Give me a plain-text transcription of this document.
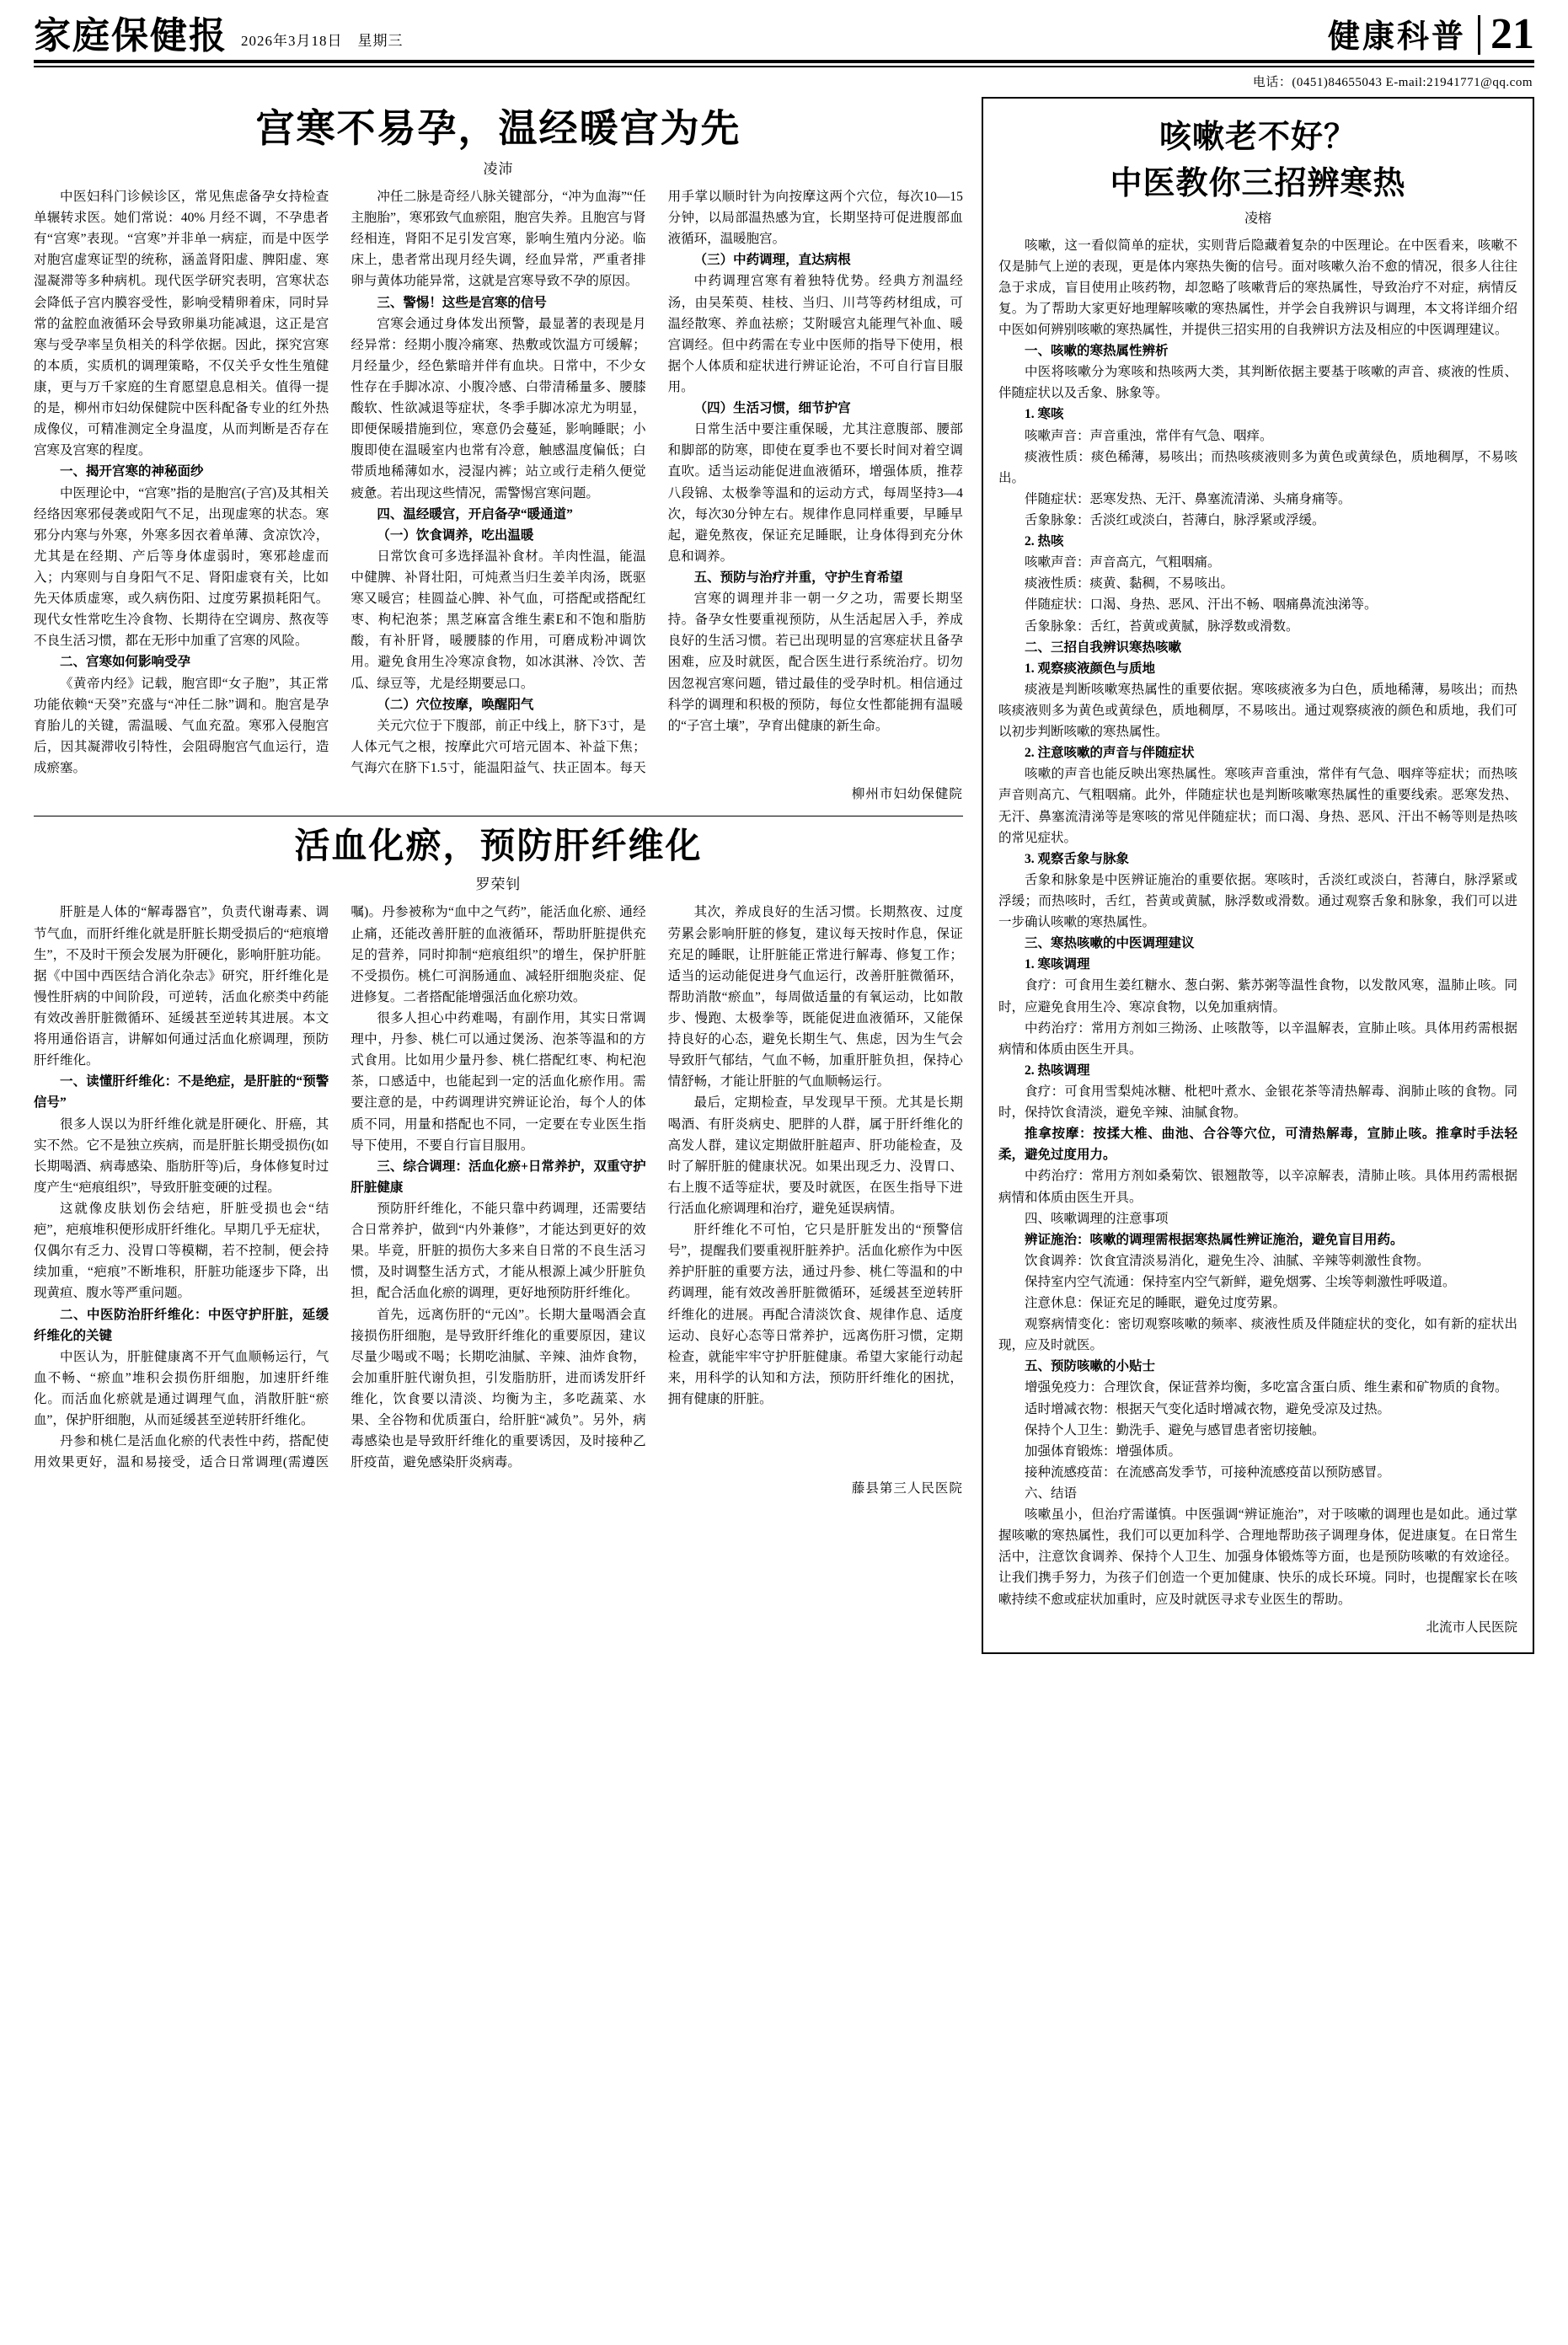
家庭保健报 2026年3月18日　星期三	健康科普 21
电话：(0451)84655043 E-mail:21941771@qq.com
宫寒不易孕，温经暖宫为先
凌沛

中医妇科门诊候诊区，常见焦虑备孕女持检查单辗转求医。她们常说：40% 月经不调，不孕患者有“宫寒”表现。“宫寒”并非单一病症，而是中医学对胞宫虚寒证型的统称，涵盖肾阳虚、脾阳虚、寒湿凝滞等多种病机。现代医学研究表明，宫寒状态会降低子宫内膜容受性，影响受精卵着床，同时异常的盆腔血液循环会导致卵巢功能减退，这正是宫寒与受孕率呈负相关的科学依据。因此，探究宫寒的本质，实质机的调理策略，不仅关乎女性生殖健康，更与万千家庭的生育愿望息息相关。值得一提的是，柳州市妇幼保健院中医科配备专业的红外热成像仪，可精准测定全身温度，从而判断是否存在宫寒及宫寒的程度。

一、揭开宫寒的神秘面纱

中医理论中，“宫寒”指的是胞宫(子宫)及其相关经络因寒邪侵袭或阳气不足，出现虚寒的状态。寒邪分内寒与外寒，外寒多因衣着单薄、贪凉饮冷，尤其是在经期、产后等身体虚弱时，寒邪趁虚而入；内寒则与自身阳气不足、肾阳虚衰有关，比如先天体质虚寒，或久病伤阳、过度劳累损耗阳气。现代女性常吃生冷食物、长期待在空调房、熬夜等不良生活习惯，都在无形中加重了宫寒的风险。

二、宫寒如何影响受孕

《黄帝内经》记载，胞宫即“女子胞”，其正常功能依赖“天癸”充盛与“冲任二脉”调和。胞宫是孕育胎儿的关键，需温暖、气血充盈。寒邪入侵胞宫后，因其凝滞收引特性，会阻碍胞宫气血运行，造成瘀塞。

冲任二脉是奇经八脉关键部分，“冲为血海”“任主胞胎”，寒邪致气血瘀阻，胞宫失养。且胞宫与肾经相连，肾阳不足引发宫寒，影响生殖内分泌。临床上，患者常出现月经失调，经血异常，严重者排卵与黄体功能异常，这就是宫寒导致不孕的原因。

三、警惕！这些是宫寒的信号

宫寒会通过身体发出预警，最显著的表现是月经异常：经期小腹冷痛寒、热敷或饮温方可缓解；月经量少，经色紫暗并伴有血块。日常中，不少女性存在手脚冰凉、小腹冷感、白带清稀量多、腰膝酸软、性欲减退等症状，冬季手脚冰凉尤为明显，即便保暖措施到位，寒意仍会蔓延，影响睡眠；小腹即使在温暖室内也常有冷意，触感温度偏低；白带质地稀薄如水，浸湿内裤；站立或行走稍久便觉疲惫。若出现这些情况，需警惕宫寒问题。

四、温经暖宫，开启备孕“暖通道”

（一）饮食调养，吃出温暖

日常饮食可多选择温补食材。羊肉性温，能温中健脾、补肾壮阳，可炖煮当归生姜羊肉汤，既驱寒又暖宫；桂圆益心脾、补气血，可搭配或搭配红枣、枸杞泡茶；黑芝麻富含维生素E和不饱和脂肪酸，有补肝肾，暖腰膝的作用，可磨成粉冲调饮用。避免食用生冷寒凉食物，如冰淇淋、冷饮、苦瓜、绿豆等，尤是经期要忌口。

（二）穴位按摩，唤醒阳气

关元穴位于下腹部，前正中线上，脐下3寸，是人体元气之根，按摩此穴可培元固本、补益下焦；气海穴在脐下1.5寸，能温阳益气、扶正固本。每天用手掌以顺时针为向按摩这两个穴位，每次10—15分钟，以局部温热感为宜，长期坚持可促进腹部血液循环，温暖胞宫。

（三）中药调理，直达病根

中药调理宫寒有着独特优势。经典方剂温经汤，由吴茱萸、桂枝、当归、川芎等药材组成，可温经散寒、养血祛瘀；艾附暖宫丸能理气补血、暖宫调经。但中药需在专业中医师的指导下使用，根据个人体质和症状进行辨证论治，不可自行盲目服用。

（四）生活习惯，细节护宫

日常生活中要注重保暖，尤其注意腹部、腰部和脚部的防寒，即使在夏季也不要长时间对着空调直吹。适当运动能促进血液循环，增强体质，推荐八段锦、太极拳等温和的运动方式，每周坚持3—4次，每次30分钟左右。规律作息同样重要，早睡早起，避免熬夜，保证充足睡眠，让身体得到充分休息和调养。

五、预防与治疗并重，守护生育希望

宫寒的调理并非一朝一夕之功，需要长期坚持。备孕女性要重视预防，从生活起居入手，养成良好的生活习惯。若已出现明显的宫寒症状且备孕困难，应及时就医，配合医生进行系统治疗。切勿因忽视宫寒问题，错过最佳的受孕时机。相信通过科学的调理和积极的预防，每位女性都能拥有温暖的“子宫土壤”，孕育出健康的新生命。

柳州市妇幼保健院
活血化瘀，预防肝纤维化
罗荣钊

肝脏是人体的“解毒器官”，负责代谢毒素、调节气血，而肝纤维化就是肝脏长期受损后的“疤痕增生”，不及时干预会发展为肝硬化，影响肝脏功能。据《中国中西医结合消化杂志》研究，肝纤维化是慢性肝病的中间阶段，可逆转，活血化瘀类中药能有效改善肝脏微循环、延缓甚至逆转其进展。本文将用通俗语言，讲解如何通过活血化瘀调理，预防肝纤维化。

一、读懂肝纤维化：不是绝症，是肝脏的“预警信号”

很多人误以为肝纤维化就是肝硬化、肝癌，其实不然。它不是独立疾病，而是肝脏长期受损伤(如长期喝酒、病毒感染、脂肪肝等)后，身体修复时过度产生“疤痕组织”，导致肝脏变硬的过程。

这就像皮肤划伤会结疤，肝脏受损也会“结疤”，疤痕堆积便形成肝纤维化。早期几乎无症状，仅偶尔有乏力、没胃口等模糊，若不控制，便会持续加重，“疤痕”不断堆积，肝脏功能逐步下降，出现黄疸、腹水等严重问题。

二、中医防治肝纤维化：中医守护肝脏，延缓纤维化的关键

中医认为，肝脏健康离不开气血顺畅运行，气血不畅、“瘀血”堆积会损伤肝细胞，加速肝纤维化。而活血化瘀就是通过调理气血，消散肝脏“瘀血”，保护肝细胞，从而延缓甚至逆转肝纤维化。

丹参和桃仁是活血化瘀的代表性中药，搭配使用效果更好，温和易接受，适合日常调理(需遵医嘱)。丹参被称为“血中之气药”，能活血化瘀、通经止痛，还能改善肝脏的血液循环，帮助肝脏提供充足的营养，同时抑制“疤痕组织”的增生，保护肝脏不受损伤。桃仁可润肠通血、减轻肝细胞炎症、促进修复。二者搭配能增强活血化瘀功效。

很多人担心中药难喝，有副作用，其实日常调理中，丹参、桃仁可以通过煲汤、泡茶等温和的方式食用。比如用少量丹参、桃仁搭配红枣、枸杞泡茶，口感适中，也能起到一定的活血化瘀作用。需要注意的是，中药调理讲究辨证论治，每个人的体质不同，用量和搭配也不同，一定要在专业医生指导下使用，不要自行盲目服用。

三、综合调理：活血化瘀+日常养护，双重守护肝脏健康

预防肝纤维化，不能只靠中药调理，还需要结合日常养护，做到“内外兼修”，才能达到更好的效果。毕竟，肝脏的损伤大多来自日常的不良生活习惯，及时调整生活方式，才能从根源上减少肝脏负担，配合活血化瘀的调理，更好地预防肝纤维化。

首先，远离伤肝的“元凶”。长期大量喝酒会直接损伤肝细胞，是导致肝纤维化的重要原因，建议尽量少喝或不喝；长期吃油腻、辛辣、油炸食物，会加重肝脏代谢负担，引发脂肪肝，进而诱发肝纤维化，饮食要以清淡、均衡为主，多吃蔬菜、水果、全谷物和优质蛋白，给肝脏“减负”。另外，病毒感染也是导致肝纤维化的重要诱因，及时接种乙肝疫苗，避免感染肝炎病毒。

其次，养成良好的生活习惯。长期熬夜、过度劳累会影响肝脏的修复，建议每天按时作息，保证充足的睡眠，让肝脏能正常进行解毒、修复工作；适当的运动能促进身气血运行，改善肝脏微循环，帮助消散“瘀血”，每周做适量的有氧运动，比如散步、慢跑、太极拳等，既能促进血液循环，又能保持良好的心态，避免长期生气、焦虑，因为生气会导致肝气郁结，气血不畅，加重肝脏负担，保持心情舒畅，才能让肝脏的气血顺畅运行。

最后，定期检查，早发现早干预。尤其是长期喝酒、有肝炎病史、肥胖的人群，属于肝纤维化的高发人群，建议定期做肝脏超声、肝功能检查，及时了解肝脏的健康状况。如果出现乏力、没胃口、右上腹不适等症状，要及时就医，在医生指导下进行活血化瘀调理和治疗，避免延误病情。

肝纤维化不可怕，它只是肝脏发出的“预警信号”，提醒我们要重视肝脏养护。活血化瘀作为中医养护肝脏的重要方法，通过丹参、桃仁等温和的中药调理，能有效改善肝脏微循环，延缓甚至逆转肝纤维化的进展。再配合清淡饮食、规律作息、适度运动、良好心态等日常养护，远离伤肝习惯，定期检查，就能牢牢守护肝脏健康。希望大家能行动起来，用科学的认知和方法，预防肝纤维化的困扰，拥有健康的肝脏。

藤县第三人民医院
咳嗽老不好？
中医教你三招辨寒热
凌榕

咳嗽，这一看似简单的症状，实则背后隐藏着复杂的中医理论。在中医看来，咳嗽不仅是肺气上逆的表现，更是体内寒热失衡的信号。面对咳嗽久治不愈的情况，很多人往往急于求成，盲目使用止咳药物，却忽略了咳嗽背后的寒热属性，导致治疗不对症，病情反复。为了帮助大家更好地理解咳嗽的寒热属性，并学会自我辨识与调理，本文将详细介绍中医如何辨别咳嗽的寒热属性，并提供三招实用的自我辨识方法及相应的中医调理建议。

一、咳嗽的寒热属性辨析

中医将咳嗽分为寒咳和热咳两大类，其判断依据主要基于咳嗽的声音、痰液的性质、伴随症状以及舌象、脉象等。

1. 寒咳

咳嗽声音：声音重浊，常伴有气急、咽痒。

痰液性质：痰色稀薄，易咳出；而热咳痰液则多为黄色或黄绿色，质地稠厚，不易咳出。

伴随症状：恶寒发热、无汗、鼻塞流清涕、头痛身痛等。

舌象脉象：舌淡红或淡白，苔薄白，脉浮紧或浮缓。

2. 热咳

咳嗽声音：声音高亢，气粗咽痛。

痰液性质：痰黄、黏稠，不易咳出。

伴随症状：口渴、身热、恶风、汗出不畅、咽痛鼻流浊涕等。

舌象脉象：舌红，苔黄或黄腻，脉浮数或滑数。

二、三招自我辨识寒热咳嗽

1. 观察痰液颜色与质地

痰液是判断咳嗽寒热属性的重要依据。寒咳痰液多为白色，质地稀薄，易咳出；而热咳痰液则多为黄色或黄绿色，质地稠厚，不易咳出。通过观察痰液的颜色和质地，我们可以初步判断咳嗽的寒热属性。

2. 注意咳嗽的声音与伴随症状

咳嗽的声音也能反映出寒热属性。寒咳声音重浊，常伴有气急、咽痒等症状；而热咳声音则高亢、气粗咽痛。此外，伴随症状也是判断咳嗽寒热属性的重要线索。恶寒发热、无汗、鼻塞流清涕等是寒咳的常见伴随症状；而口渴、身热、恶风、汗出不畅等则是热咳的常见症状。

3. 观察舌象与脉象

舌象和脉象是中医辨证施治的重要依据。寒咳时，舌淡红或淡白，苔薄白，脉浮紧或浮缓；而热咳时，舌红，苔黄或黄腻，脉浮数或滑数。通过观察舌象和脉象，我们可以进一步确认咳嗽的寒热属性。

三、寒热咳嗽的中医调理建议

1. 寒咳调理

食疗：可食用生姜红糖水、葱白粥、紫苏粥等温性食物，以发散风寒，温肺止咳。同时，应避免食用生冷、寒凉食物，以免加重病情。

中药治疗：常用方剂如三拗汤、止咳散等，以辛温解表，宣肺止咳。具体用药需根据病情和体质由医生开具。

2. 热咳调理

食疗：可食用雪梨炖冰糖、枇杷叶煮水、金银花茶等清热解毒、润肺止咳的食物。同时，保持饮食清淡，避免辛辣、油腻食物。

推拿按摩：按揉大椎、曲池、合谷等穴位，可清热解毒，宣肺止咳。推拿时手法轻柔，避免过度用力。

中药治疗：常用方剂如桑菊饮、银翘散等，以辛凉解表，清肺止咳。具体用药需根据病情和体质由医生开具。

四、咳嗽调理的注意事项

辨证施治：咳嗽的调理需根据寒热属性辨证施治，避免盲目用药。

饮食调养：饮食宜清淡易消化，避免生冷、油腻、辛辣等刺激性食物。

保持室内空气流通：保持室内空气新鲜，避免烟雾、尘埃等刺激性呼吸道。

注意休息：保证充足的睡眠，避免过度劳累。

观察病情变化：密切观察咳嗽的频率、痰液性质及伴随症状的变化，如有新的症状出现，应及时就医。

五、预防咳嗽的小贴士

增强免疫力：合理饮食，保证营养均衡，多吃富含蛋白质、维生素和矿物质的食物。

适时增减衣物：根据天气变化适时增减衣物，避免受凉及过热。

保持个人卫生：勤洗手、避免与感冒患者密切接触。

加强体育锻炼：增强体质。

接种流感疫苗：在流感高发季节，可接种流感疫苗以预防感冒。

六、结语

咳嗽虽小，但治疗需谨慎。中医强调“辨证施治”，对于咳嗽的调理也是如此。通过掌握咳嗽的寒热属性，我们可以更加科学、合理地帮助孩子调理身体，促进康复。在日常生活中，注意饮食调养、保持个人卫生、加强身体锻炼等方面，也是预防咳嗽的有效途径。让我们携手努力，为孩子们创造一个更加健康、快乐的成长环境。同时，也提醒家长在咳嗽持续不愈或症状加重时，应及时就医寻求专业医生的帮助。

北流市人民医院
